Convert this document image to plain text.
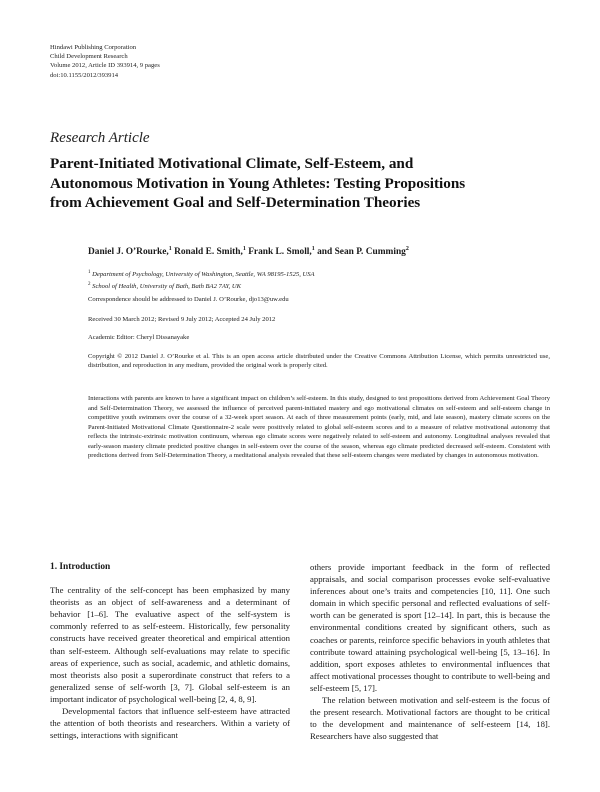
Hindawi Publishing Corporation
Child Development Research
Volume 2012, Article ID 393914, 9 pages
doi:10.1155/2012/393914
Research Article
Parent-Initiated Motivational Climate, Self-Esteem, and
Autonomous Motivation in Young Athletes: Testing Propositions
from Achievement Goal and Self-Determination Theories
Daniel J. O’Rourke,$^1$ Ronald E. Smith,$^1$ Frank L. Smoll,$^1$ and Sean P. Cumming$^2$
$^1$ Department of Psychology, University of Washington, Seattle, WA 98195-1525, USA
$^2$ School of Health, University of Bath, Bath BA2 7AY, UK
Correspondence should be addressed to Daniel J. O’Rourke, djo13@uw.edu
Received 30 March 2012; Revised 9 July 2012; Accepted 24 July 2012
Academic Editor: Cheryl Dissanayake
Copyright © 2012 Daniel J. O’Rourke et al. This is an open access article distributed under the Creative Commons Attribution License, which permits unrestricted use, distribution, and reproduction in any medium, provided the original work is properly cited.
Interactions with parents are known to have a significant impact on children’s self-esteem. In this study, designed to test propositions derived from Achievement Goal Theory and Self-Determination Theory, we assessed the influence of perceived parent-initiated mastery and ego motivational climates on self-esteem and self-esteem change in competitive youth swimmers over the course of a 32-week sport season. At each of three measurement points (early, mid, and late season), mastery climate scores on the Parent-Initiated Motivational Climate Questionnaire-2 scale were positively related to global self-esteem scores and to a measure of relative motivational autonomy that reflects the intrinsic-extrinsic motivation continuum, whereas ego climate scores were negatively related to self-esteem and autonomy. Longitudinal analyses revealed that early-season mastery climate predicted positive changes in self-esteem over the course of the season, whereas ego climate predicted decreased self-esteem. Consistent with predictions derived from Self-Determination Theory, a meditational analysis revealed that these self-esteem changes were mediated by changes in autonomous motivation.
1. Introduction

The centrality of the self-concept has been emphasized by many theorists as an object of self-awareness and a determinant of behavior [1–6]. The evaluative aspect of the self-system is commonly referred to as self-esteem. Historically, few personality constructs have received greater theoretical and empirical attention than self-esteem. Although self-evaluations may relate to specific areas of experience, such as social, academic, and athletic domains, most theorists also posit a superordinate construct that refers to a generalized sense of self-worth [3, 7]. Global self-esteem is an important indicator of psychological well-being [2, 4, 8, 9].

Developmental factors that influence self-esteem have attracted the attention of both theorists and researchers. Within a variety of settings, interactions with significant

others provide important feedback in the form of reflected appraisals, and social comparison processes evoke self-evaluative inferences about one’s traits and competencies [10, 11]. One such domain in which specific personal and reflected evaluations of self-worth can be generated is sport [12–14]. In part, this is because the environmental conditions created by significant others, such as coaches or parents, reinforce specific behaviors in youth athletes that contribute toward attaining psychological well-being [5, 13–16]. In addition, sport exposes athletes to environmental influences that affect motivational processes thought to contribute to well-being and self-esteem [5, 17].

The relation between motivation and self-esteem is the focus of the present research. Motivational factors are thought to be critical to the development and maintenance of self-esteem [14, 18]. Researchers have also suggested that
